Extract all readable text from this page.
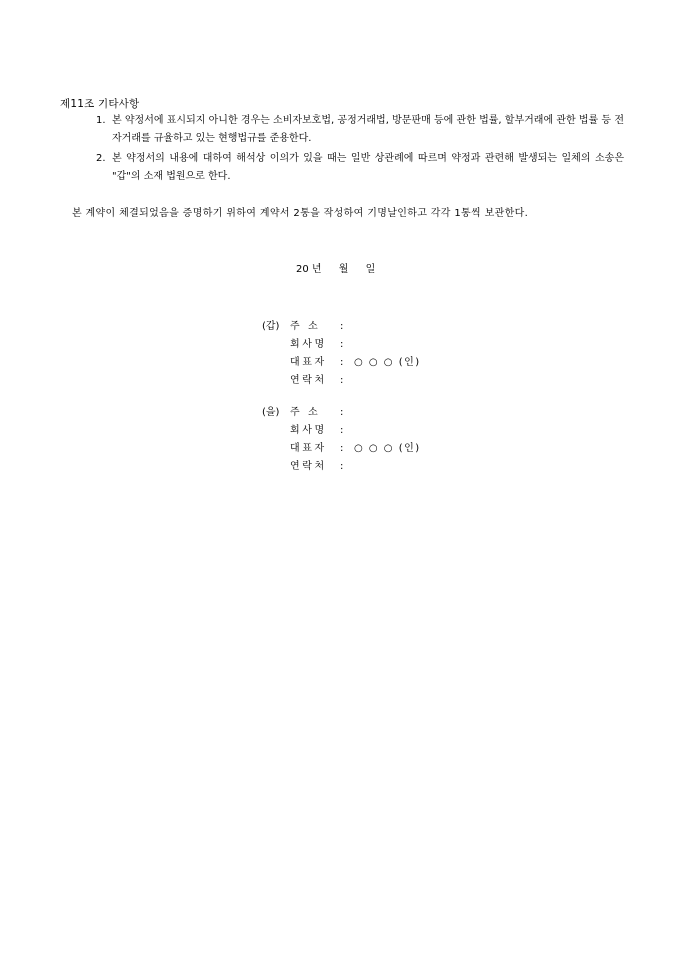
제11조 기타사항
1. 본 약정서에 표시되지 아니한 경우는 소비자보호법, 공정거래법, 방문판매 등에 관한 법률, 할부거래에 관한 법률 등 전자거래를 규율하고 있는 현행법규를 준용한다.
2. 본 약정서의 내용에 대하여 해석상 이의가 있을 때는 일반 상관례에 따르며 약정과 관련해 발생되는 일체의 소송은 "갑"의 소재 법원으로 한다.
본 계약이 체결되었음을 증명하기 위하여 계약서 2통을 작성하여 기명날인하고 각각 1통씩 보관한다.
20 년 월 일
(갑) 주 소	:
회사명	:
대표자	: ○ ○ ○ (인)
연락처	:
(을) 주 소	:
회사명	:
대표자	: ○ ○ ○ (인)
연락처	:
